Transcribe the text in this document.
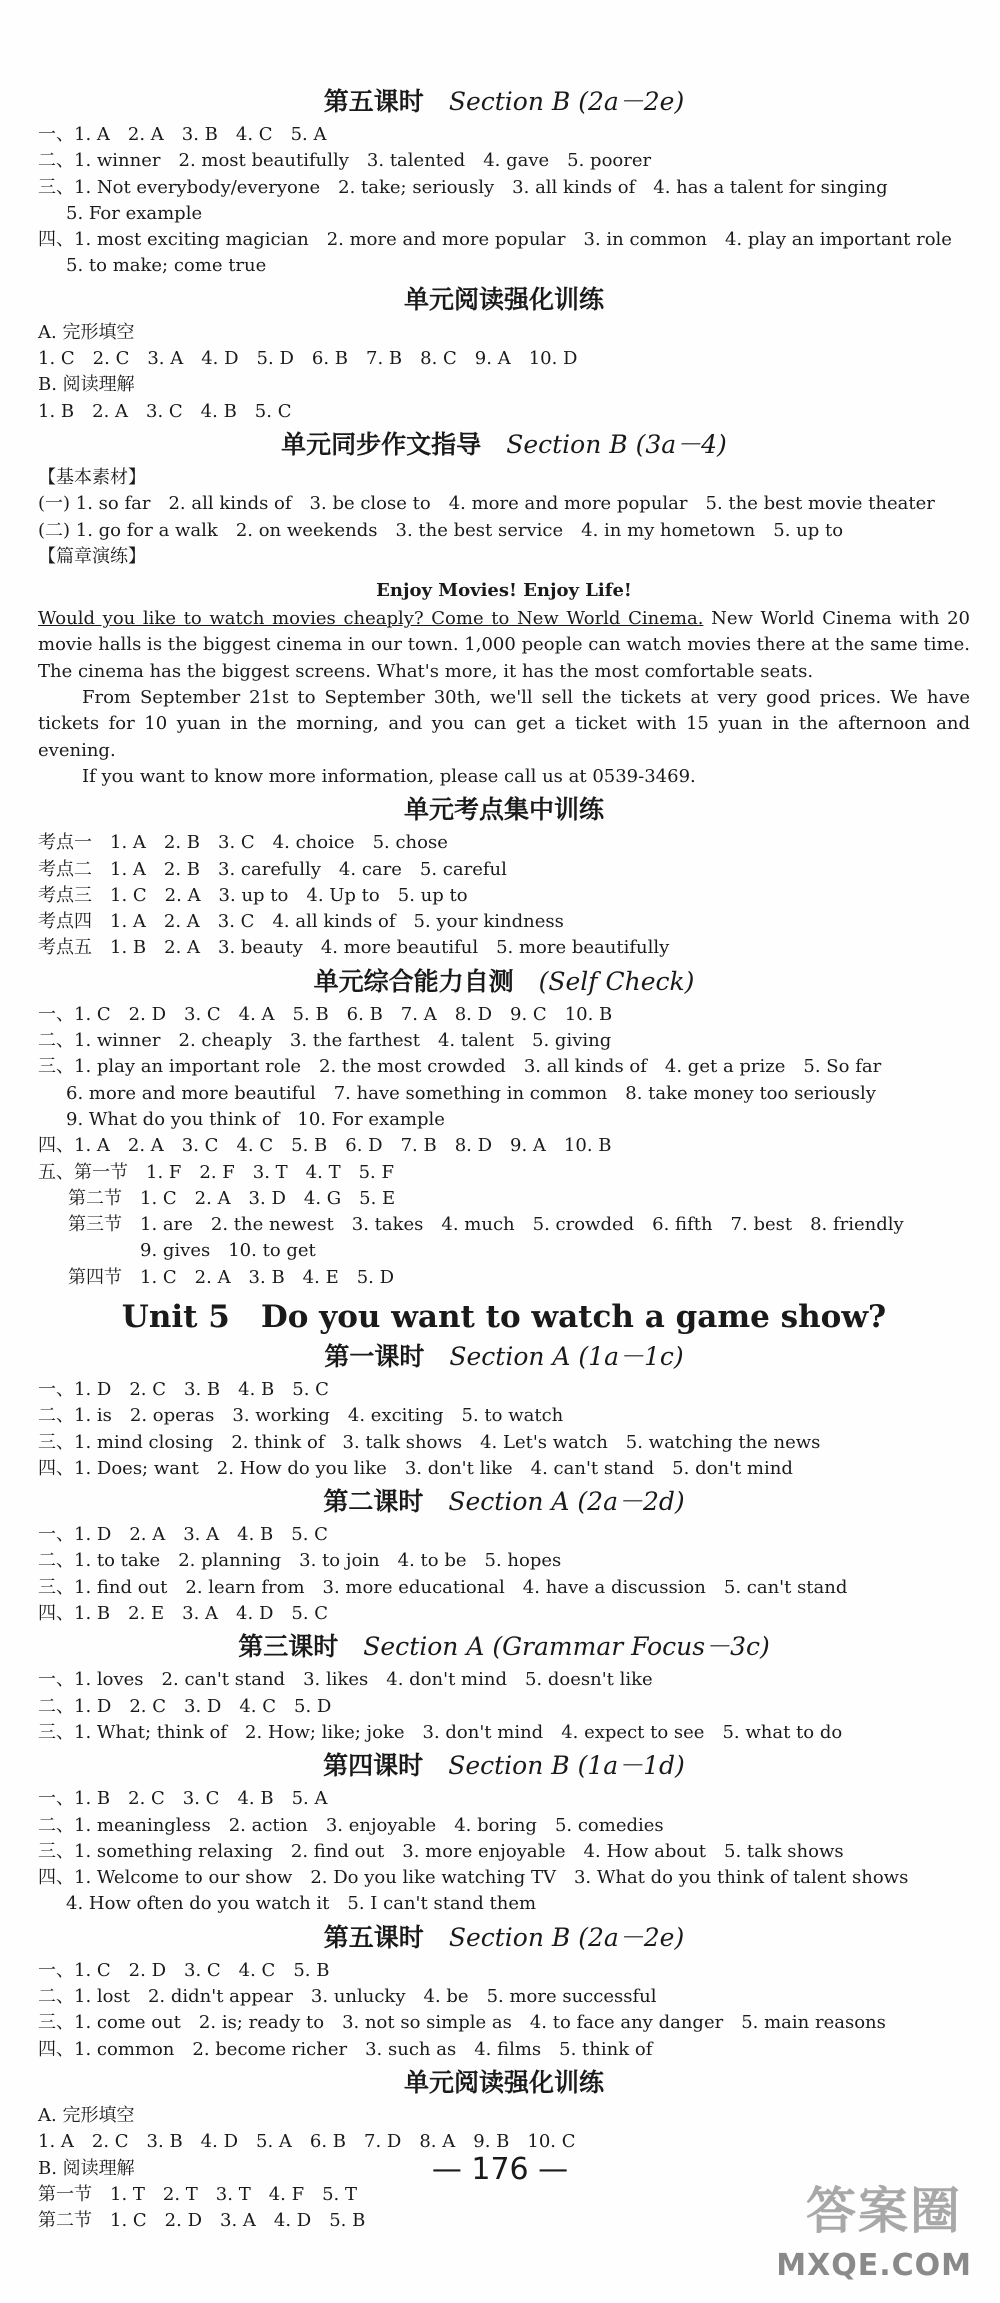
第五课时　 Section B (2a－2e)
一、1. A　2. A　3. B　4. C　5. A
二、1. winner　2. most beautifully　3. talented　4. gave　5. poorer
三、1. Not everybody/everyone　2. take; seriously　3. all kinds of　4. has a talent for singing
5. For example
四、1. most exciting magician　2. more and more popular　3. in common　4. play an important role
5. to make; come true
单元阅读强化训练
A. 完形填空
1. C　2. C　3. A　4. D　5. D　6. B　7. B　8. C　9. A　10. D
B. 阅读理解
1. B　2. A　3. C　4. B　5. C
单元同步作文指导　 Section B (3a－4)
【基本素材】
(一) 1. so far　2. all kinds of　3. be close to　4. more and more popular　5. the best movie theater
(二) 1. go for a walk　2. on weekends　3. the best service　4. in my hometown　5. up to
【篇章演练】
Enjoy Movies! Enjoy Life!
Would you like to watch movies cheaply? Come to New World Cinema. New World Cinema with 20 movie halls is the biggest cinema in our town. 1,000 people can watch movies there at the same time. The cinema has the biggest screens. What's more, it has the most comfortable seats.
From September 21st to September 30th, we'll sell the tickets at very good prices. We have tickets for 10 yuan in the morning, and you can get a ticket with 15 yuan in the afternoon and evening.
If you want to know more information, please call us at 0539-3469.
单元考点集中训练
考点一　1. A　2. B　3. C　4. choice　5. chose
考点二　1. A　2. B　3. carefully　4. care　5. careful
考点三　1. C　2. A　3. up to　4. Up to　5. up to
考点四　1. A　2. A　3. C　4. all kinds of　5. your kindness
考点五　1. B　2. A　3. beauty　4. more beautiful　5. more beautifully
单元综合能力自测　 (Self Check)
一、1. C　2. D　3. C　4. A　5. B　6. B　7. A　8. D　9. C　10. B
二、1. winner　2. cheaply　3. the farthest　4. talent　5. giving
三、1. play an important role　2. the most crowded　3. all kinds of　4. get a prize　5. So far
6. more and more beautiful　7. have something in common　8. take money too seriously
9. What do you think of　10. For example
四、1. A　2. A　3. C　4. C　5. B　6. D　7. B　8. D　9. A　10. B
五、第一节　1. F　2. F　3. T　4. T　5. F
第二节　1. C　2. A　3. D　4. G　5. E
第三节　1. are　2. the newest　3. takes　4. much　5. crowded　6. fifth　7. best　8. friendly
　　　　9. gives　10. to get
第四节　1. C　2. A　3. B　4. E　5. D
Unit 5　Do you want to watch a game show?
第一课时　 Section A (1a－1c)
一、1. D　2. C　3. B　4. B　5. C
二、1. is　2. operas　3. working　4. exciting　5. to watch
三、1. mind closing　2. think of　3. talk shows　4. Let's watch　5. watching the news
四、1. Does; want　2. How do you like　3. don't like　4. can't stand　5. don't mind
第二课时　 Section A (2a－2d)
一、1. D　2. A　3. A　4. B　5. C
二、1. to take　2. planning　3. to join　4. to be　5. hopes
三、1. find out　2. learn from　3. more educational　4. have a discussion　5. can't stand
四、1. B　2. E　3. A　4. D　5. C
第三课时　 Section A (Grammar Focus－3c)
一、1. loves　2. can't stand　3. likes　4. don't mind　5. doesn't like
二、1. D　2. C　3. D　4. C　5. D
三、1. What; think of　2. How; like; joke　3. don't mind　4. expect to see　5. what to do
第四课时　 Section B (1a－1d)
一、1. B　2. C　3. C　4. B　5. A
二、1. meaningless　2. action　3. enjoyable　4. boring　5. comedies
三、1. something relaxing　2. find out　3. more enjoyable　4. How about　5. talk shows
四、1. Welcome to our show　2. Do you like watching TV　3. What do you think of talent shows
4. How often do you watch it　5. I can't stand them
第五课时　 Section B (2a－2e)
一、1. C　2. D　3. C　4. C　5. B
二、1. lost　2. didn't appear　3. unlucky　4. be　5. more successful
三、1. come out　2. is; ready to　3. not so simple as　4. to face any danger　5. main reasons
四、1. common　2. become richer　3. such as　4. films　5. think of
单元阅读强化训练
A. 完形填空
1. A　2. C　3. B　4. D　5. A　6. B　7. D　8. A　9. B　10. C
B. 阅读理解
第一节　1. T　2. T　3. T　4. F　5. T
第二节　1. C　2. D　3. A　4. D　5. B
— 176 —
答案圈
MXQE.COM
